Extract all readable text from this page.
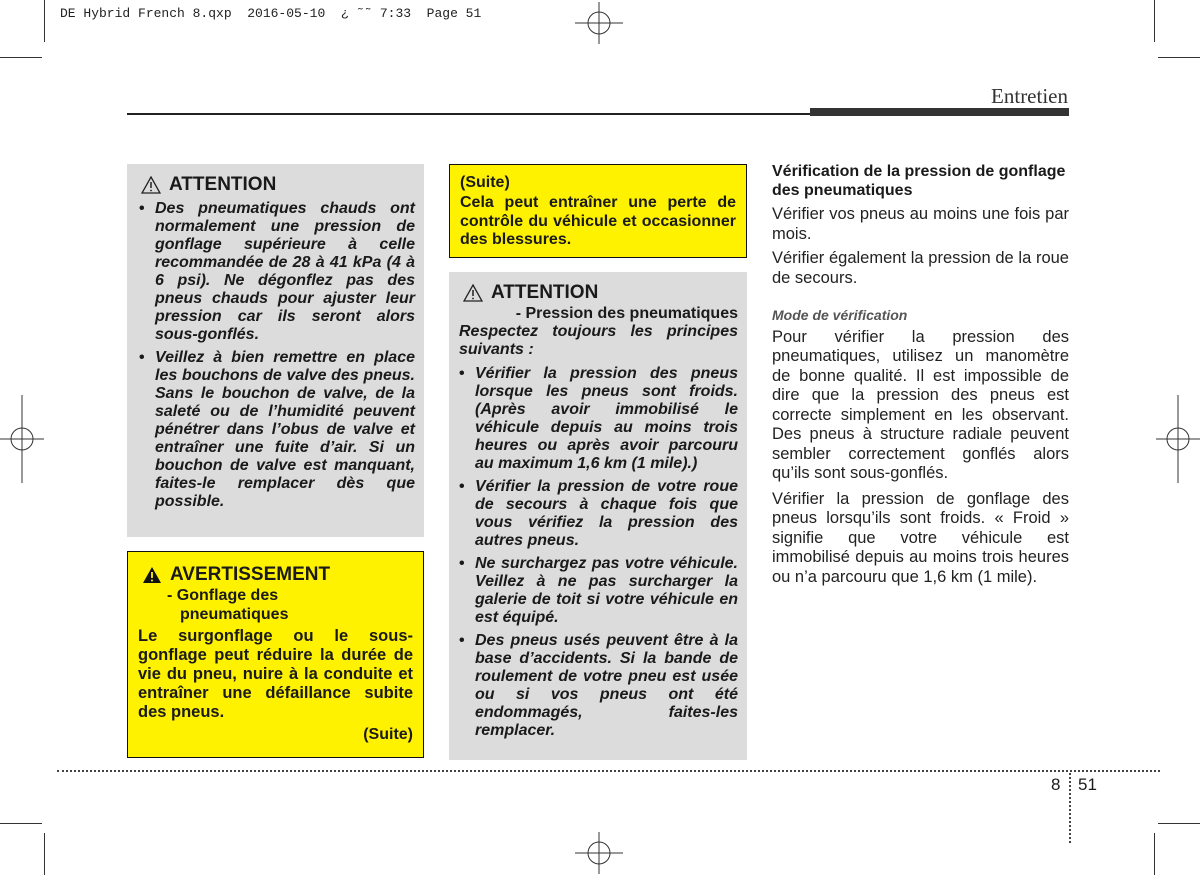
DE Hybrid French 8.qxp  2016-05-10  ¿ ˜˜ 7:33  Page 51
Entretien
ATTENTION
• Des pneumatiques chauds ont normalement une pression de gonflage supérieure à celle recommandée de 28 à 41 kPa (4 à 6 psi). Ne dégonflez pas des pneus chauds pour ajuster leur pression car ils seront alors sous-gonflés.
• Veillez à bien remettre en place les bouchons de valve des pneus. Sans le bouchon de valve, de la saleté ou de l’humidité peuvent pénétrer dans l’obus de valve et entraîner une fuite d’air. Si un bouchon de valve est manquant, faites-le remplacer dès que possible.
AVERTISSEMENT

- Gonflage des

pneumatiques

Le surgonflage ou le sous-gonflage peut réduire la durée de vie du pneu, nuire à la conduite et entraîner une défaillance subite des pneus.

(Suite)

(Suite)

Cela peut entraîner une perte de contrôle du véhicule et occasionner des blessures.

ATTENTION

- Pression des pneumatiques

Respectez toujours les principes suivants :

• Vérifier la pression des pneus lorsque les pneus sont froids. (Après avoir immobilisé le véhicule depuis au moins trois heures ou après avoir parcouru au maximum 1,6 km (1 mile).)
• Vérifier la pression de votre roue de secours à chaque fois que vous vérifiez la pression des autres pneus.
• Ne surchargez pas votre véhicule. Veillez à ne pas surcharger la galerie de toit si votre véhicule en est équipé.
• Des pneus usés peuvent être à la base d’accidents. Si la bande de roulement de votre pneu est usée ou si vos pneus ont été endommagés, faites-les remplacer.
Vérification de la pression de gonflage des pneumatiques

Vérifier vos pneus au moins une fois par mois.

Vérifier également la pression de la roue de secours.

Mode de vérification

Pour vérifier la pression des pneumatiques, utilisez un manomètre de bonne qualité. Il est impossible de dire que la pression des pneus est correcte simplement en les observant. Des pneus à structure radiale peuvent sembler correctement gonflés alors qu’ils sont sous-gonflés.

Vérifier la pression de gonflage des pneus lorsqu’ils sont froids. « Froid » signifie que votre véhicule est immobilisé depuis au moins trois heures ou n’a parcouru que 1,6 km (1 mile).

8 51
